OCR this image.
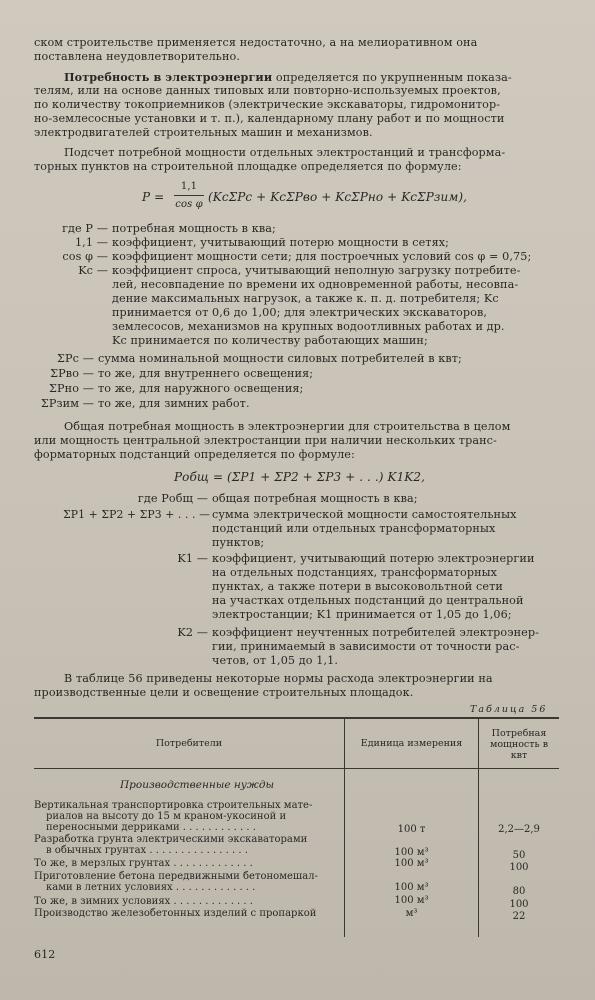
ском строительстве применяется недостаточно, а на мелиоративном она
поставлена неудовлетворительно.
Потребность в электроэнергии определяется по укрупненным показа-
телям, или на основе данных типовых или повторно-используемых проектов,
по количеству токоприемников (электрические экскаваторы, гидромонитор-
но-землесосные установки и т. п.), календарному плану работ и по мощности
электродвигателей строительных машин и механизмов.
Подсчет потребной мощности отдельных электростанций и трансформа-
торных пунктов на строительной площадке определяется по формуле:
P =
1,1
cos φ
(KcΣPc + KcΣPво + KcΣPно + KcΣPзим),
где P — потребная мощность в ква;
1,1 — коэффициент, учитывающий потерю мощности в сетях;
cos φ — коэффициент мощности сети; для построечных условий cos φ = 0,75;
Kc — коэффициент спроса, учитывающий неполную загрузку потребите-
лей, несовпадение по времени их одновременной работы, несовпа-
дение максимальных нагрузок, а также к. п. д. потребителя; Kc
принимается от 0,6 до 1,00; для электрических экскаваторов,
землесосов, механизмов на крупных водоотливных работах и др.
Kc принимается по количеству работающих машин;
ΣPc — сумма номинальной мощности силовых потребителей в квт;
ΣPво — то же, для внутреннего освещения;
ΣPно — то же, для наружного освещения;
ΣPзим — то же, для зимних работ.
Общая потребная мощность в электроэнергии для строительства в целом
или мощность центральной электростанции при наличии нескольких транс-
форматорных подстанций определяется по формуле:
Pобщ = (ΣP1 + ΣP2 + ΣP3 + . . .) K1K2,
где Pобщ — общая потребная мощность в ква;
ΣP1 + ΣP2 + ΣP3 + . . . — сумма электрической мощности самостоятельных
подстанций или отдельных трансформаторных
пунктов;
K1 — коэффициент, учитывающий потерю электроэнергии
на отдельных подстанциях, трансформаторных
пунктах, а также потери в высоковольтной сети
на участках отдельных подстанций до центральной
электростанции; K1 принимается от 1,05 до 1,06;
K2 — коэффициент неучтенных потребителей электроэнер-
гии, принимаемый в зависимости от точности рас-
четов, от 1,05 до 1,1.
В таблице 56 приведены некоторые нормы расхода электроэнергии на
производственные цели и освещение строительных площадок.
Таблица 56
Потребители	Единица измерения
Потребная мощность в квт
Производственные нужды
Вертикальная транспортировка строительных мате-
риалов на высоту до 15 м краном-укосиной и
переносными дерриками . . . . . . . . . . . .	100 т	2,2—2,9
Разработка грунта электрическими экскаваторами
в обычных грунтах . . . . . . . . . . . . . . . .	100 м³	50
То же, в мерзлых грунтах . . . . . . . . . . . . .	100 м³	100
Приготовление бетона передвижными бетономешал-
ками в летних условиях . . . . . . . . . . . . .	100 м³	80
То же, в зимних условиях . . . . . . . . . . . . .	100 м³	100
Производство железобетонных изделий с пропаркой	м³	22
612
